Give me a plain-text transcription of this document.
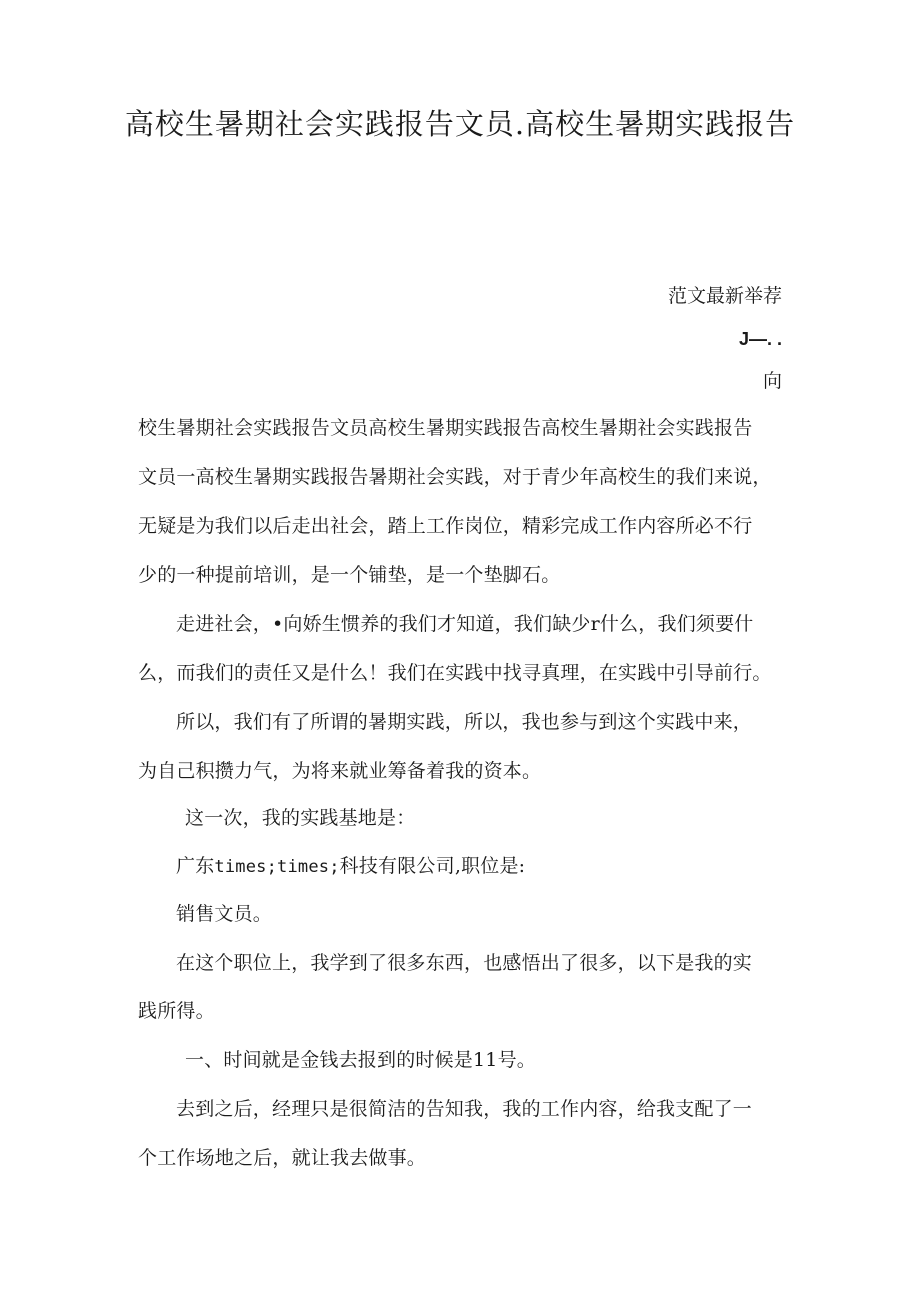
高校生暑期社会实践报告文员.高校生暑期实践报告
范文最新举荐
J—. .
向
校生暑期社会实践报告文员高校生暑期实践报告高校生暑期社会实践报告
文员一高校生暑期实践报告暑期社会实践，对于青少年高校生的我们来说，
无疑是为我们以后走出社会，踏上工作岗位，精彩完成工作内容所必不行
少的一种提前培训，是一个铺垫，是一个垫脚石。
走进社会，•向娇生惯养的我们才知道，我们缺少r什么，我们须要什
么，而我们的责任又是什么！我们在实践中找寻真理，在实践中引导前行。
所以，我们有了所谓的暑期实践，所以，我也参与到这个实践中来，
为自己积攒力气，为将来就业筹备着我的资本。
这一次，我的实践基地是：
广东times;times;科技有限公司,职位是:
销售文员。
在这个职位上，我学到了很多东西，也感悟出了很多，以下是我的实
践所得。
一、时间就是金钱去报到的时候是11号。
去到之后，经理只是很简洁的告知我，我的工作内容，给我支配了一
个工作场地之后，就让我去做事。
